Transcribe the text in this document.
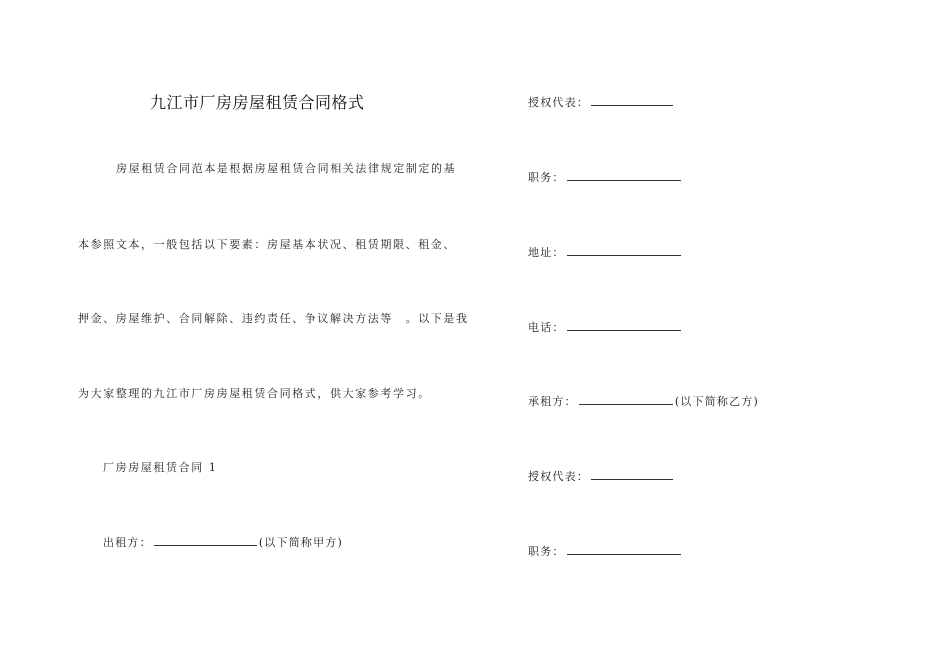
九江市厂房房屋租赁合同格式
房屋租赁合同范本是根据房屋租赁合同相关法律规定制定的基
本参照文本，一般包括以下要素：房屋基本状况、租赁期限、租金、
押金、房屋维护、合同解除、违约责任、争议解决方法等　。以下是我
为大家整理的九江市厂房房屋租赁合同格式，供大家参考学习。
厂房房屋租赁合同 1
出租方：	(以下简称甲方)
授权代表：
职务：
地址：
电话：
承租方：	(以下简称乙方)
授权代表：
职务：
